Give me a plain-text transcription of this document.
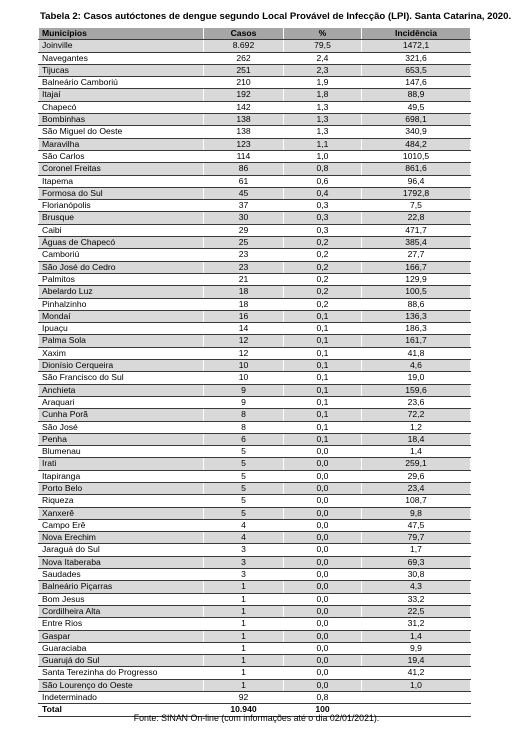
Tabela 2: Casos autóctones de dengue segundo Local Provável de Infecção (LPI). Santa Catarina, 2020.
Municípios	Casos	%	Incidência
Joinville	8.692	79,5	1472,1
Navegantes	262	2,4	321,6
Tijucas	251	2,3	653,5
Balneário Camboriú	210	1,9	147,6
Itajaí	192	1,8	88,9
Chapecó	142	1,3	49,5
Bombinhas	138	1,3	698,1
São Miguel do Oeste	138	1,3	340,9
Maravilha	123	1,1	484,2
São Carlos	114	1,0	1010,5
Coronel Freitas	86	0,8	861,6
Itapema	61	0,6	96,4
Formosa do Sul	45	0,4	1792,8
Florianópolis	37	0,3	7,5
Brusque	30	0,3	22,8
Caibi	29	0,3	471,7
Águas de Chapecó	25	0,2	385,4
Camboriú	23	0,2	27,7
São José do Cedro	23	0,2	166,7
Palmitos	21	0,2	129,9
Abelardo Luz	18	0,2	100,5
Pinhalzinho	18	0,2	88,6
Mondaí	16	0,1	136,3
Ipuaçu	14	0,1	186,3
Palma Sola	12	0,1	161,7
Xaxim	12	0,1	41,8
Dionísio Cerqueira	10	0,1	4,6
São Francisco do Sul	10	0,1	19,0
Anchieta	9	0,1	159,6
Araquari	9	0,1	23,6
Cunha Porã	8	0,1	72,2
São José	8	0,1	1,2
Penha	6	0,1	18,4
Blumenau	5	0,0	1,4
Irati	5	0,0	259,1
Itapiranga	5	0,0	29,6
Porto Belo	5	0,0	23,4
Riqueza	5	0,0	108,7
Xanxerê	5	0,0	9,8
Campo Erê	4	0,0	47,5
Nova Erechim	4	0,0	79,7
Jaraguá do Sul	3	0,0	1,7
Nova Itaberaba	3	0,0	69,3
Saudades	3	0,0	30,8
Balneário Piçarras	1	0,0	4,3
Bom Jesus	1	0,0	33,2
Cordilheira Alta	1	0,0	22,5
Entre Rios	1	0,0	31,2
Gaspar	1	0,0	1,4
Guaraciaba	1	0,0	9,9
Guarujá do Sul	1	0,0	19,4
Santa Terezinha do Progresso	1	0,0	41,2
São Lourenço do Oeste	1	0,0	1,0
Indeterminado	92	0,8	
Total	10.940	100	
Fonte: SINAN On-line (com informações até o dia 02/01/2021).
